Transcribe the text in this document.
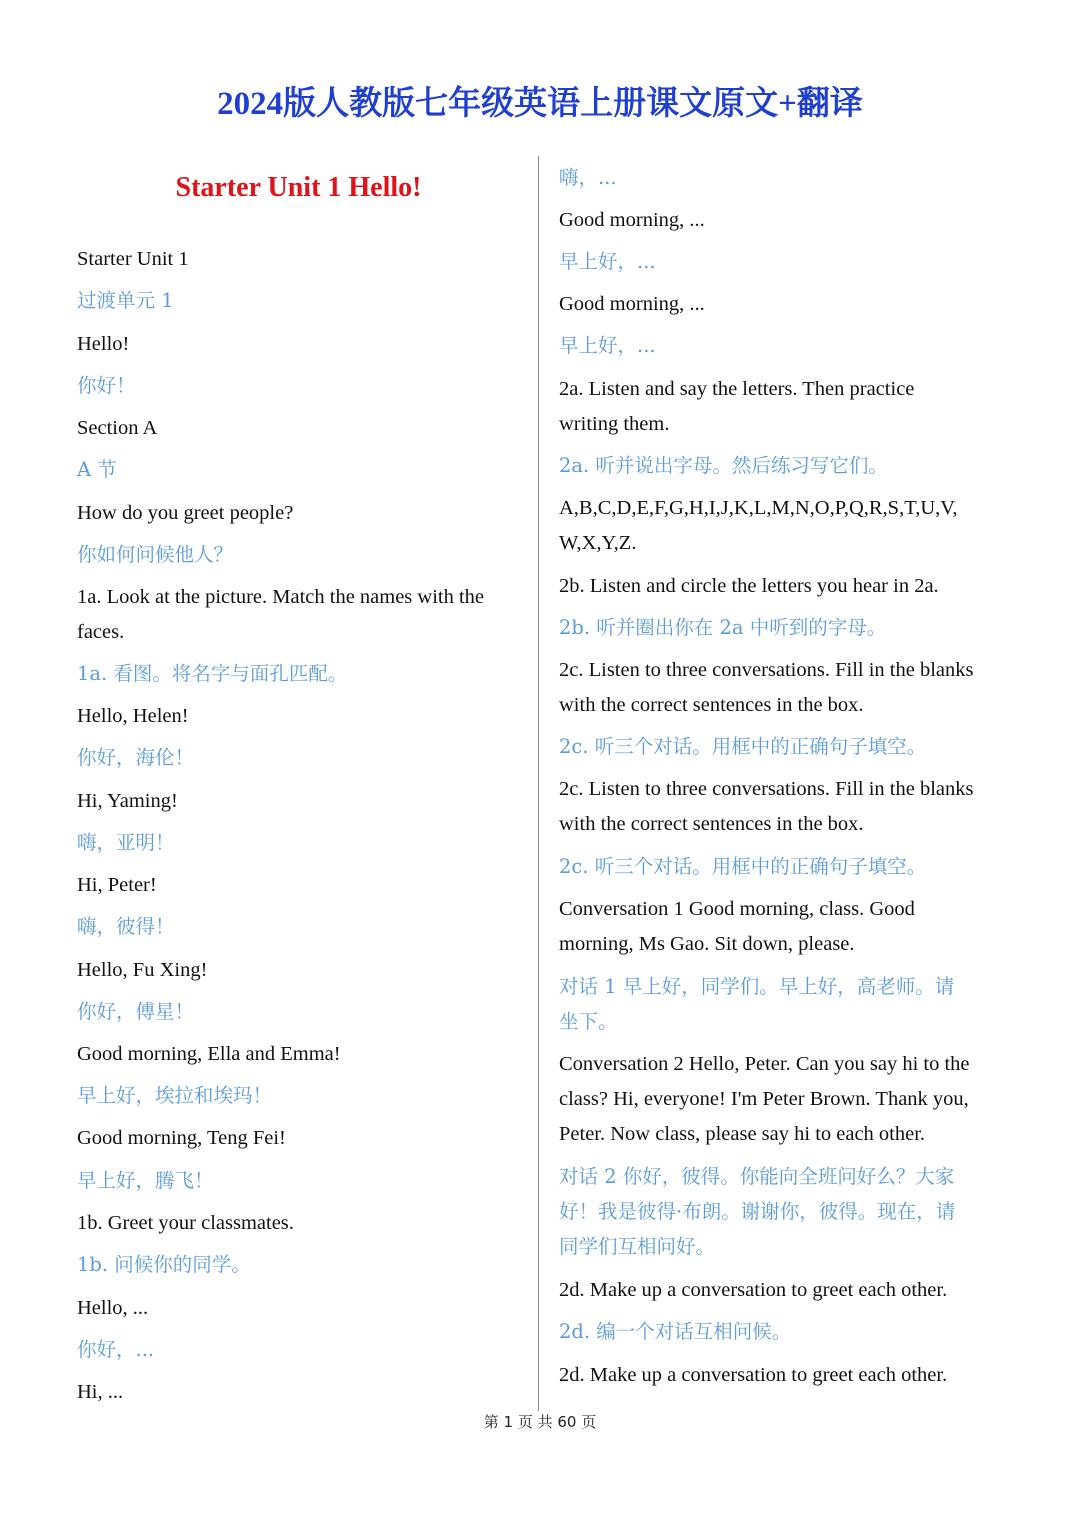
2024版人教版七年级英语上册课文原文+翻译
Starter Unit 1 Hello!
Starter Unit 1
过渡单元 1
Hello!
你好！
Section A
A 节
How do you greet people?
你如何问候他人？
1a. Look at the picture. Match the names with the
faces.
1a. 看图。将名字与面孔匹配。
Hello, Helen!
你好，海伦！
Hi, Yaming!
嗨，亚明！
Hi, Peter!
嗨，彼得！
Hello, Fu Xing!
你好，傅星！
Good morning, Ella and Emma!
早上好，埃拉和埃玛！
Good morning, Teng Fei!
早上好，腾飞！
1b. Greet your classmates.
1b. 问候你的同学。
Hello, ...
你好，...
Hi, ...
嗨，...
Good morning, ...
早上好，...
Good morning, ...
早上好，...
2a. Listen and say the letters. Then practice
writing them.
2a. 听并说出字母。然后练习写它们。
A,B,C,D,E,F,G,H,I,J,K,L,M,N,O,P,Q,R,S,T,U,V,
W,X,Y,Z.
2b. Listen and circle the letters you hear in 2a.
2b. 听并圈出你在 2a 中听到的字母。
2c. Listen to three conversations. Fill in the blanks
with the correct sentences in the box.
2c. 听三个对话。用框中的正确句子填空。
2c. Listen to three conversations. Fill in the blanks
with the correct sentences in the box.
2c. 听三个对话。用框中的正确句子填空。
Conversation 1 Good morning, class. Good
morning, Ms Gao. Sit down, please.
对话 1 早上好，同学们。早上好，高老师。请
坐下。
Conversation 2 Hello, Peter. Can you say hi to the
class? Hi, everyone! I'm Peter Brown. Thank you,
Peter. Now class, please say hi to each other.
对话 2 你好，彼得。你能向全班问好么？大家
好！我是彼得·布朗。谢谢你，彼得。现在，请
同学们互相问好。
2d. Make up a conversation to greet each other.
2d. 编一个对话互相问候。
2d. Make up a conversation to greet each other.
第 1 页 共 60 页
